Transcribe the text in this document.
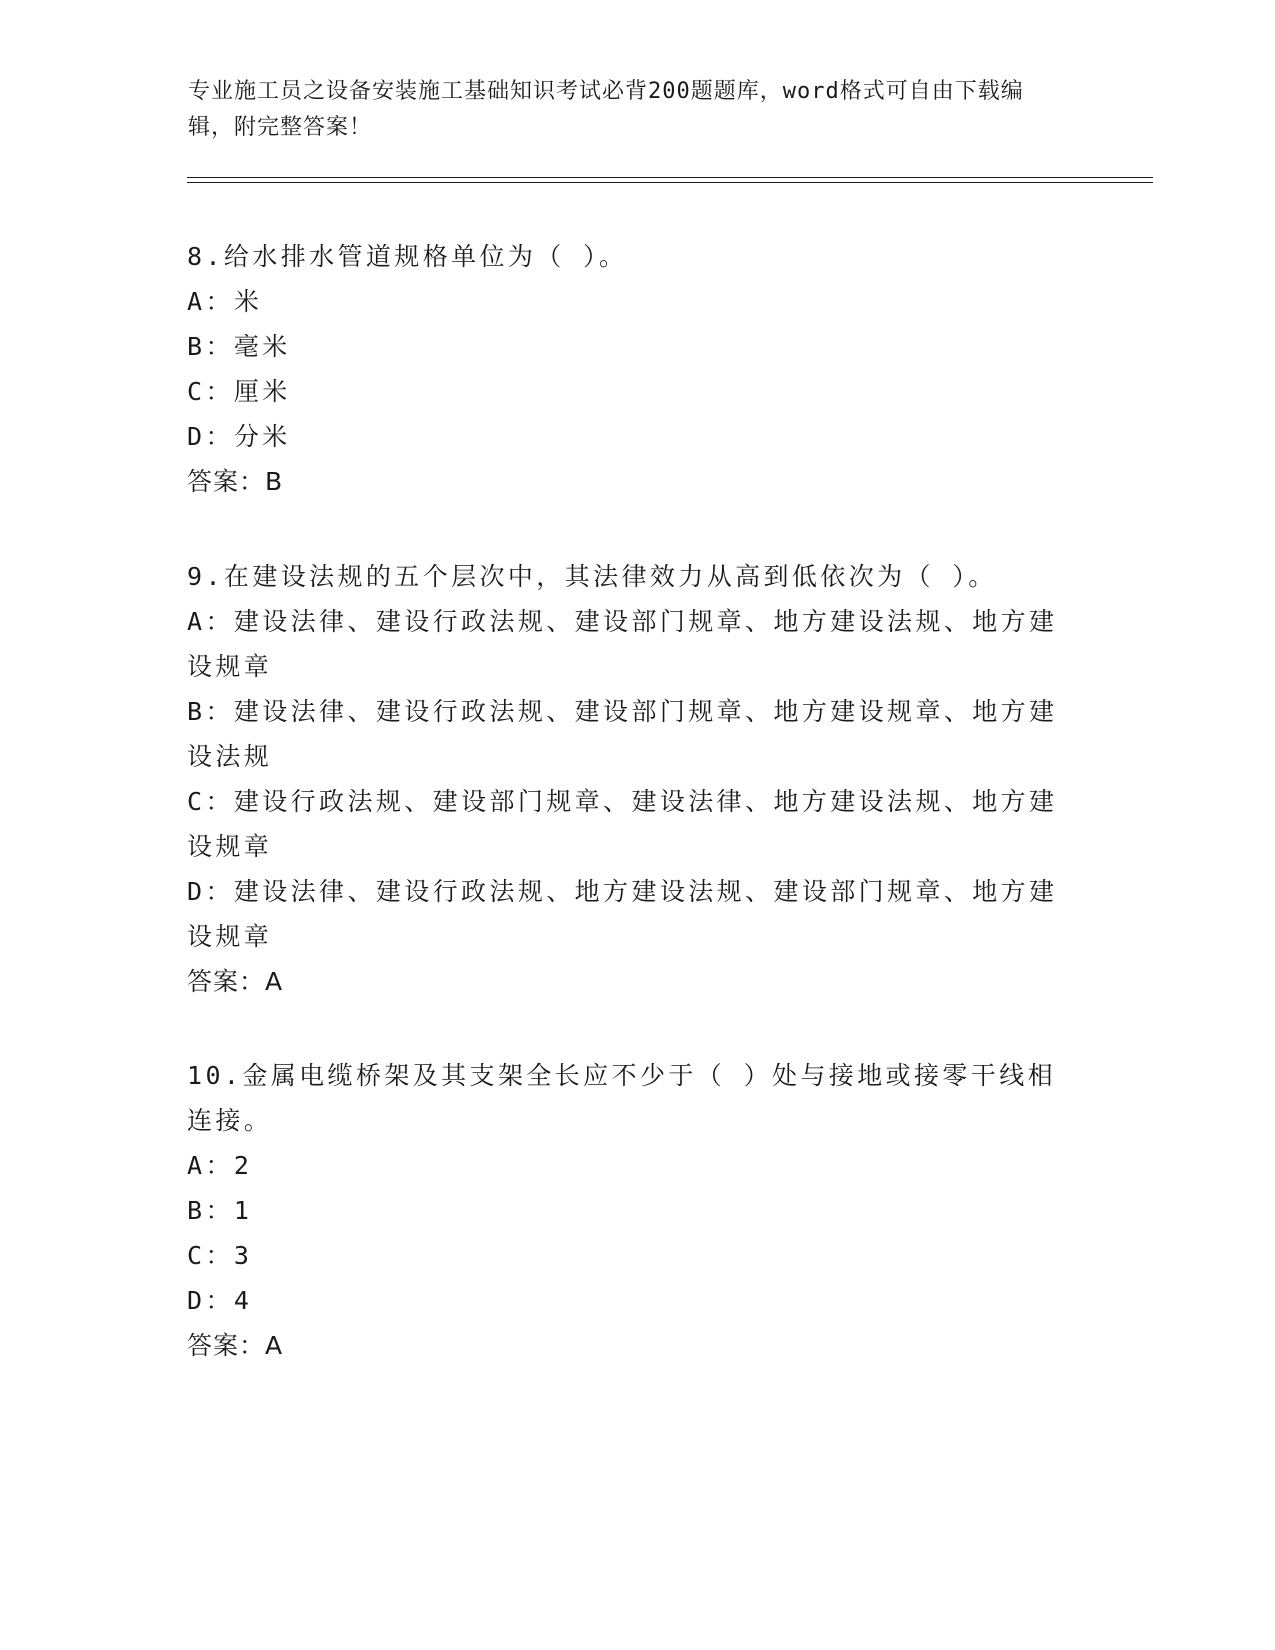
专业施工员之设备安装施工基础知识考试必背200题题库，word格式可自由下载编辑，附完整答案！
8.给水排水管道规格单位为（ ）。
A：米
B：毫米
C：厘米
D：分米
答案：B
9.在建设法规的五个层次中，其法律效力从高到低依次为（ ）。
A：建设法律、建设行政法规、建设部门规章、地方建设法规、地方建设规章
B：建设法律、建设行政法规、建设部门规章、地方建设规章、地方建设法规
C：建设行政法规、建设部门规章、建设法律、地方建设法规、地方建设规章
D：建设法律、建设行政法规、地方建设法规、建设部门规章、地方建设规章
答案：A
10.金属电缆桥架及其支架全长应不少于（ ）处与接地或接零干线相连接。
A：2
B：1
C：3
D：4
答案：A
